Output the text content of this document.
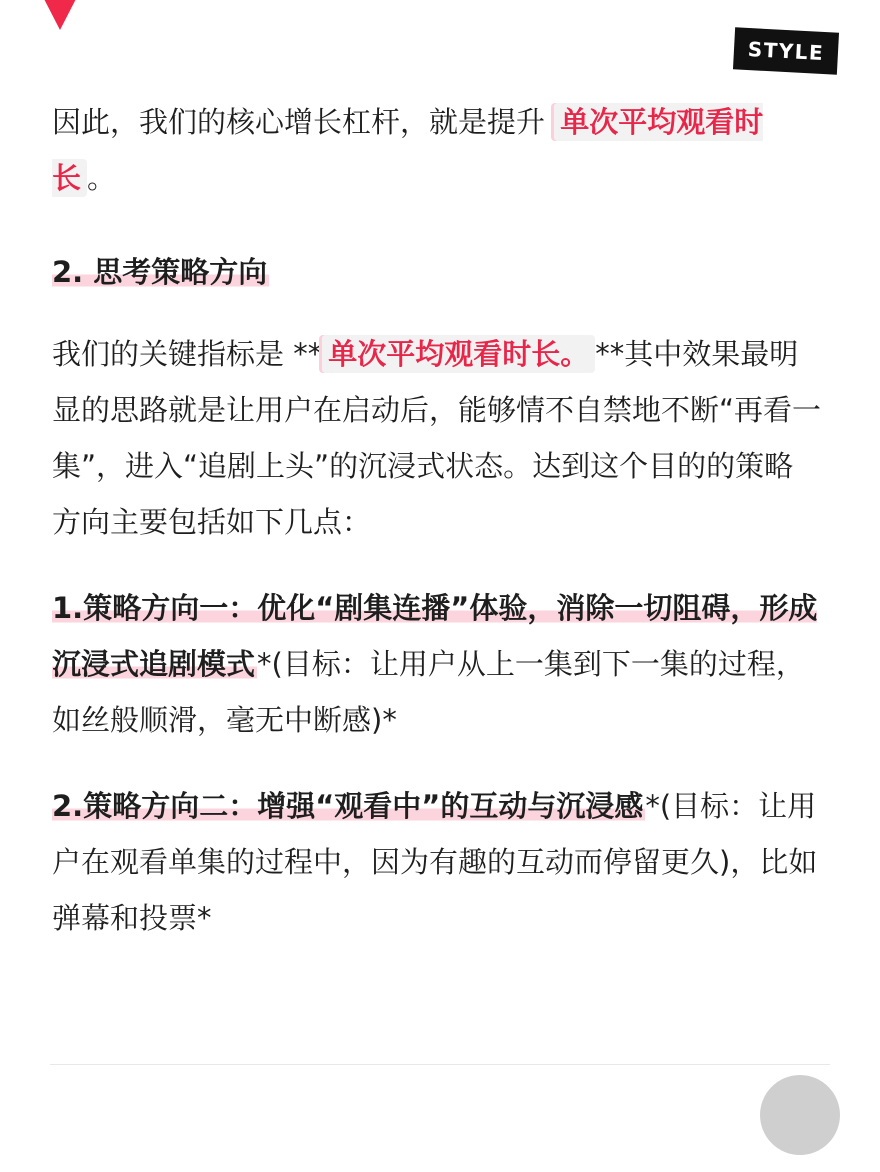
STYLE

因此，我们的核心增长杠杆，就是提升 单次平均观看时长 。

2. 思考策略方向

我们的关键指标是 ** 单次平均观看时长。 **其中效果最明显的思路就是让用户在启动后，能够情不自禁地不断“再看一集”，进入“追剧上头”的沉浸式状态。达到这个目的的策略方向主要包括如下几点：

1.策略方向一：优化“剧集连播”体验，消除一切阻碍，形成沉浸式追剧模式*(目标：让用户从上一集到下一集的过程，如丝般顺滑，毫无中断感)*

2.策略方向二：增强“观看中”的互动与沉浸感*(目标：让用户在观看单集的过程中，因为有趣的互动而停留更久)，比如弹幕和投票*
